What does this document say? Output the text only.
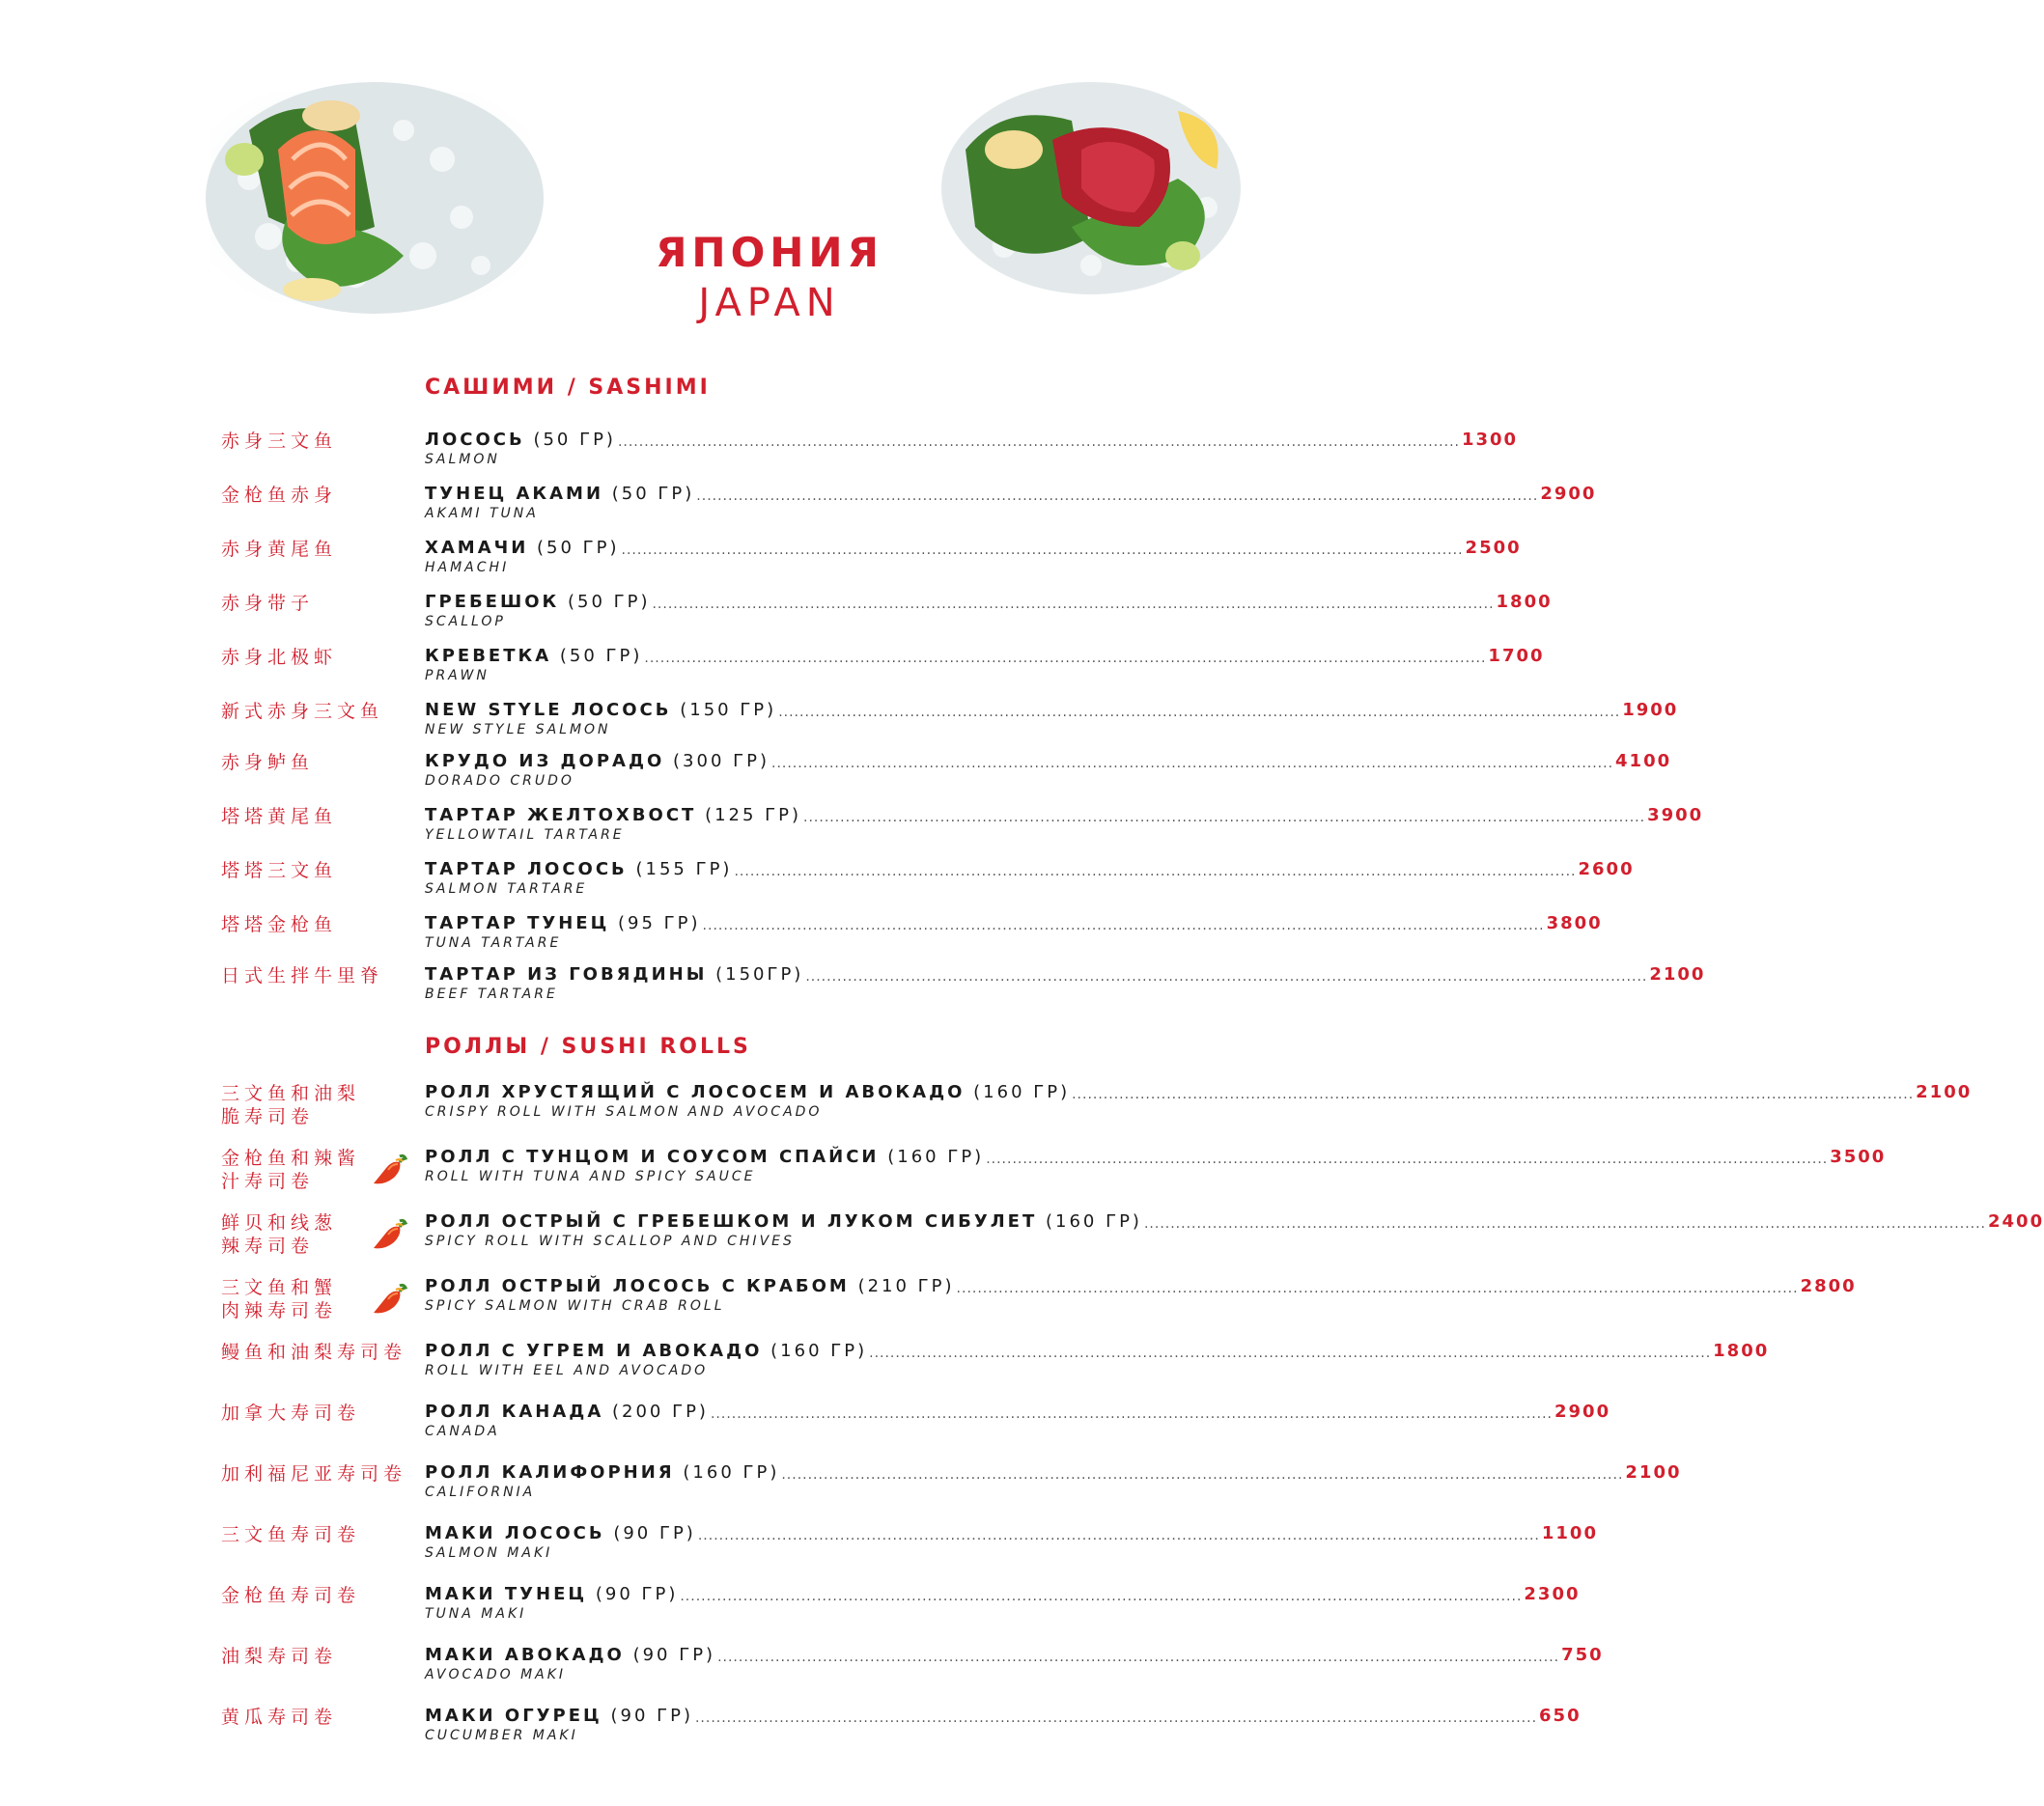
ЯПОНИЯ
JAPAN
САШИМИ / SASHIMI
赤身三文鱼	ЛОСОСЬ (50 ГР) ................................................................................................................................................................ 1300
SALMON
金枪鱼赤身	ТУНЕЦ АКАМИ (50 ГР) ................................................................................................................................................................ 2900
AKAMI TUNA
赤身黄尾鱼	ХАМАЧИ (50 ГР) ................................................................................................................................................................ 2500
HAMACHI
赤身带子	ГРЕБЕШОК (50 ГР) ................................................................................................................................................................ 1800
SCALLOP
赤身北极虾	КРЕВЕТКА (50 ГР) ................................................................................................................................................................ 1700
PRAWN
新式赤身三文鱼	NEW STYLE ЛОСОСЬ (150 ГР) ................................................................................................................................................................ 1900
NEW STYLE SALMON
赤身鲈鱼	КРУДО ИЗ ДОРАДО (300 ГР) ................................................................................................................................................................ 4100
DORADO CRUDO
塔塔黄尾鱼	ТАРТАР ЖЕЛТОХВОСТ (125 ГР) ................................................................................................................................................................ 3900
YELLOWTAIL TARTARE
塔塔三文鱼	ТАРТАР ЛОСОСЬ (155 ГР) ................................................................................................................................................................ 2600
SALMON TARTARE
塔塔金枪鱼	ТАРТАР ТУНЕЦ (95 ГР) ................................................................................................................................................................ 3800
TUNA TARTARE
日式生拌牛里脊	ТАРТАР ИЗ ГОВЯДИНЫ (150ГР) ................................................................................................................................................................ 2100
BEEF TARTARE
РОЛЛЫ / SUSHI ROLLS
三文鱼和油梨
脆寿司卷
РОЛЛ ХРУСТЯЩИЙ С ЛОСОСЕМ И АВОКАДО (160 ГР) ................................................................................................................................................................ 2100
CRISPY ROLL WITH SALMON AND AVOCADO
金枪鱼和辣酱
汁寿司卷
РОЛЛ С ТУНЦОМ И СОУСОМ СПАЙСИ (160 ГР) ................................................................................................................................................................ 3500
ROLL WITH TUNA AND SPICY SAUCE
鲜贝和线葱
辣寿司卷
РОЛЛ ОСТРЫЙ С ГРЕБЕШКОМ И ЛУКОМ СИБУЛЕТ (160 ГР) ................................................................................................................................................................ 2400
SPICY ROLL WITH SCALLOP AND CHIVES
三文鱼和蟹
肉辣寿司卷
РОЛЛ ОСТРЫЙ ЛОСОСЬ С КРАБОМ (210 ГР) ................................................................................................................................................................ 2800
SPICY SALMON WITH CRAB ROLL
鳗鱼和油梨寿司卷	РОЛЛ С УГРЕМ И АВОКАДО (160 ГР) ................................................................................................................................................................ 1800
ROLL WITH EEL AND AVOCADO
加拿大寿司卷	РОЛЛ КАНАДА (200 ГР) ................................................................................................................................................................ 2900
CANADA
加利福尼亚寿司卷	РОЛЛ КАЛИФОРНИЯ (160 ГР) ................................................................................................................................................................ 2100
CALIFORNIA
三文鱼寿司卷	МАКИ ЛОСОСЬ (90 ГР) ................................................................................................................................................................ 1100
SALMON MAKI
金枪鱼寿司卷	МАКИ ТУНЕЦ (90 ГР) ................................................................................................................................................................ 2300
TUNA MAKI
油梨寿司卷	МАКИ АВОКАДО (90 ГР) ................................................................................................................................................................ 750
AVOCADO MAKI
黄瓜寿司卷	МАКИ ОГУРЕЦ (90 ГР) ................................................................................................................................................................ 650
CUCUMBER MAKI
